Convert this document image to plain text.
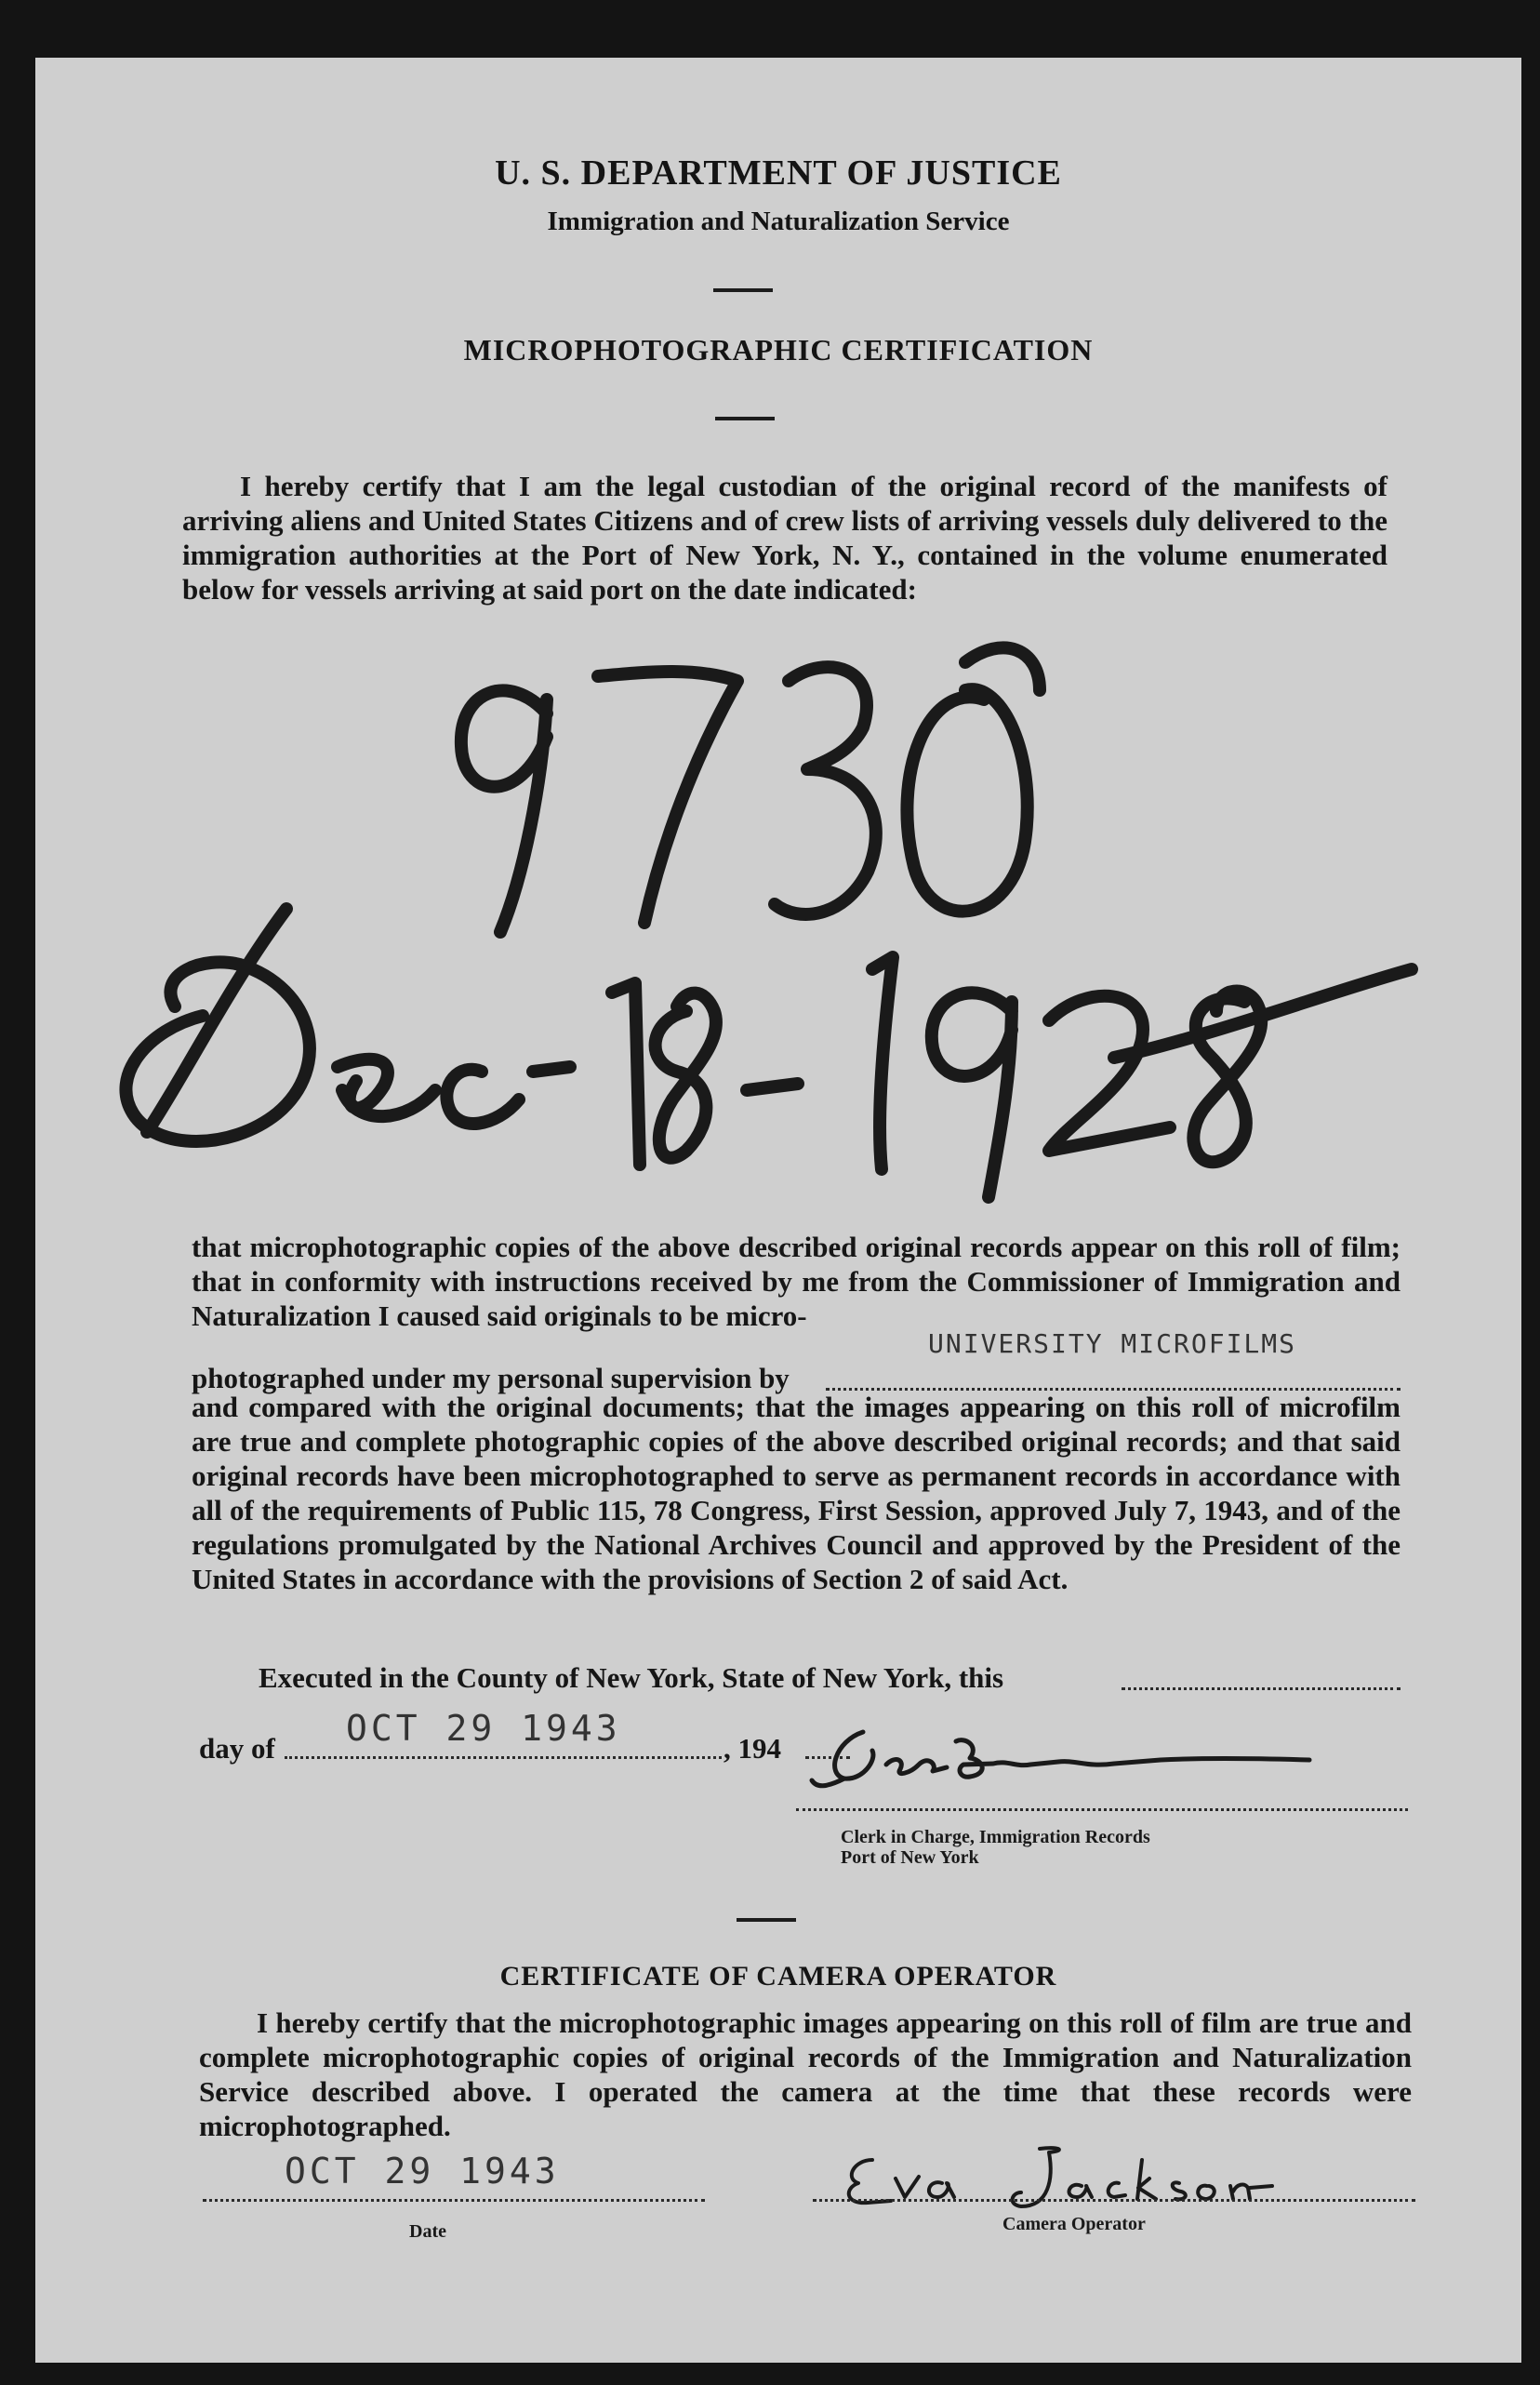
U. S. DEPARTMENT OF JUSTICE
Immigration and Naturalization Service
MICROPHOTOGRAPHIC CERTIFICATION
I hereby certify that I am the legal custodian of the original record of the manifests of arriving aliens and United States Citizens and of crew lists of arriving vessels duly delivered to the immigration authorities at the Port of New York, N. Y., contained in the volume enumerated below for vessels arriving at said port on the date indicated:
9730
Dec-18-1928
that microphotographic copies of the above described original records appear on this roll of film; that in conformity with instructions received by me from the Commissioner of Immigration and Naturalization I caused said originals to be micro-
photographed under my personal supervision by
UNIVERSITY MICROFILMS
and compared with the original documents; that the images appearing on this roll of microfilm are true and complete photographic copies of the above described original records; and that said original records have been microphotographed to serve as permanent records in accordance with all of the requirements of Public 115, 78 Congress, First Session, approved July 7, 1943, and of the regulations promulgated by the National Archives Council and approved by the President of the United States in accordance with the provisions of Section 2 of said Act.
Executed in the County of New York, State of New York, this
day of OCT 29 1943	, 194
Geo Saaka
Clerk in Charge, Immigration Records
Port of New York
CERTIFICATE OF CAMERA OPERATOR
I hereby certify that the microphotographic images appearing on this roll of film are true and complete microphotographic copies of original records of the Immigration and Naturalization Service described above. I operated the camera at the time that these records were microphotographed.
OCT 29 1943
Date
Eva Jackson
Camera Operator
